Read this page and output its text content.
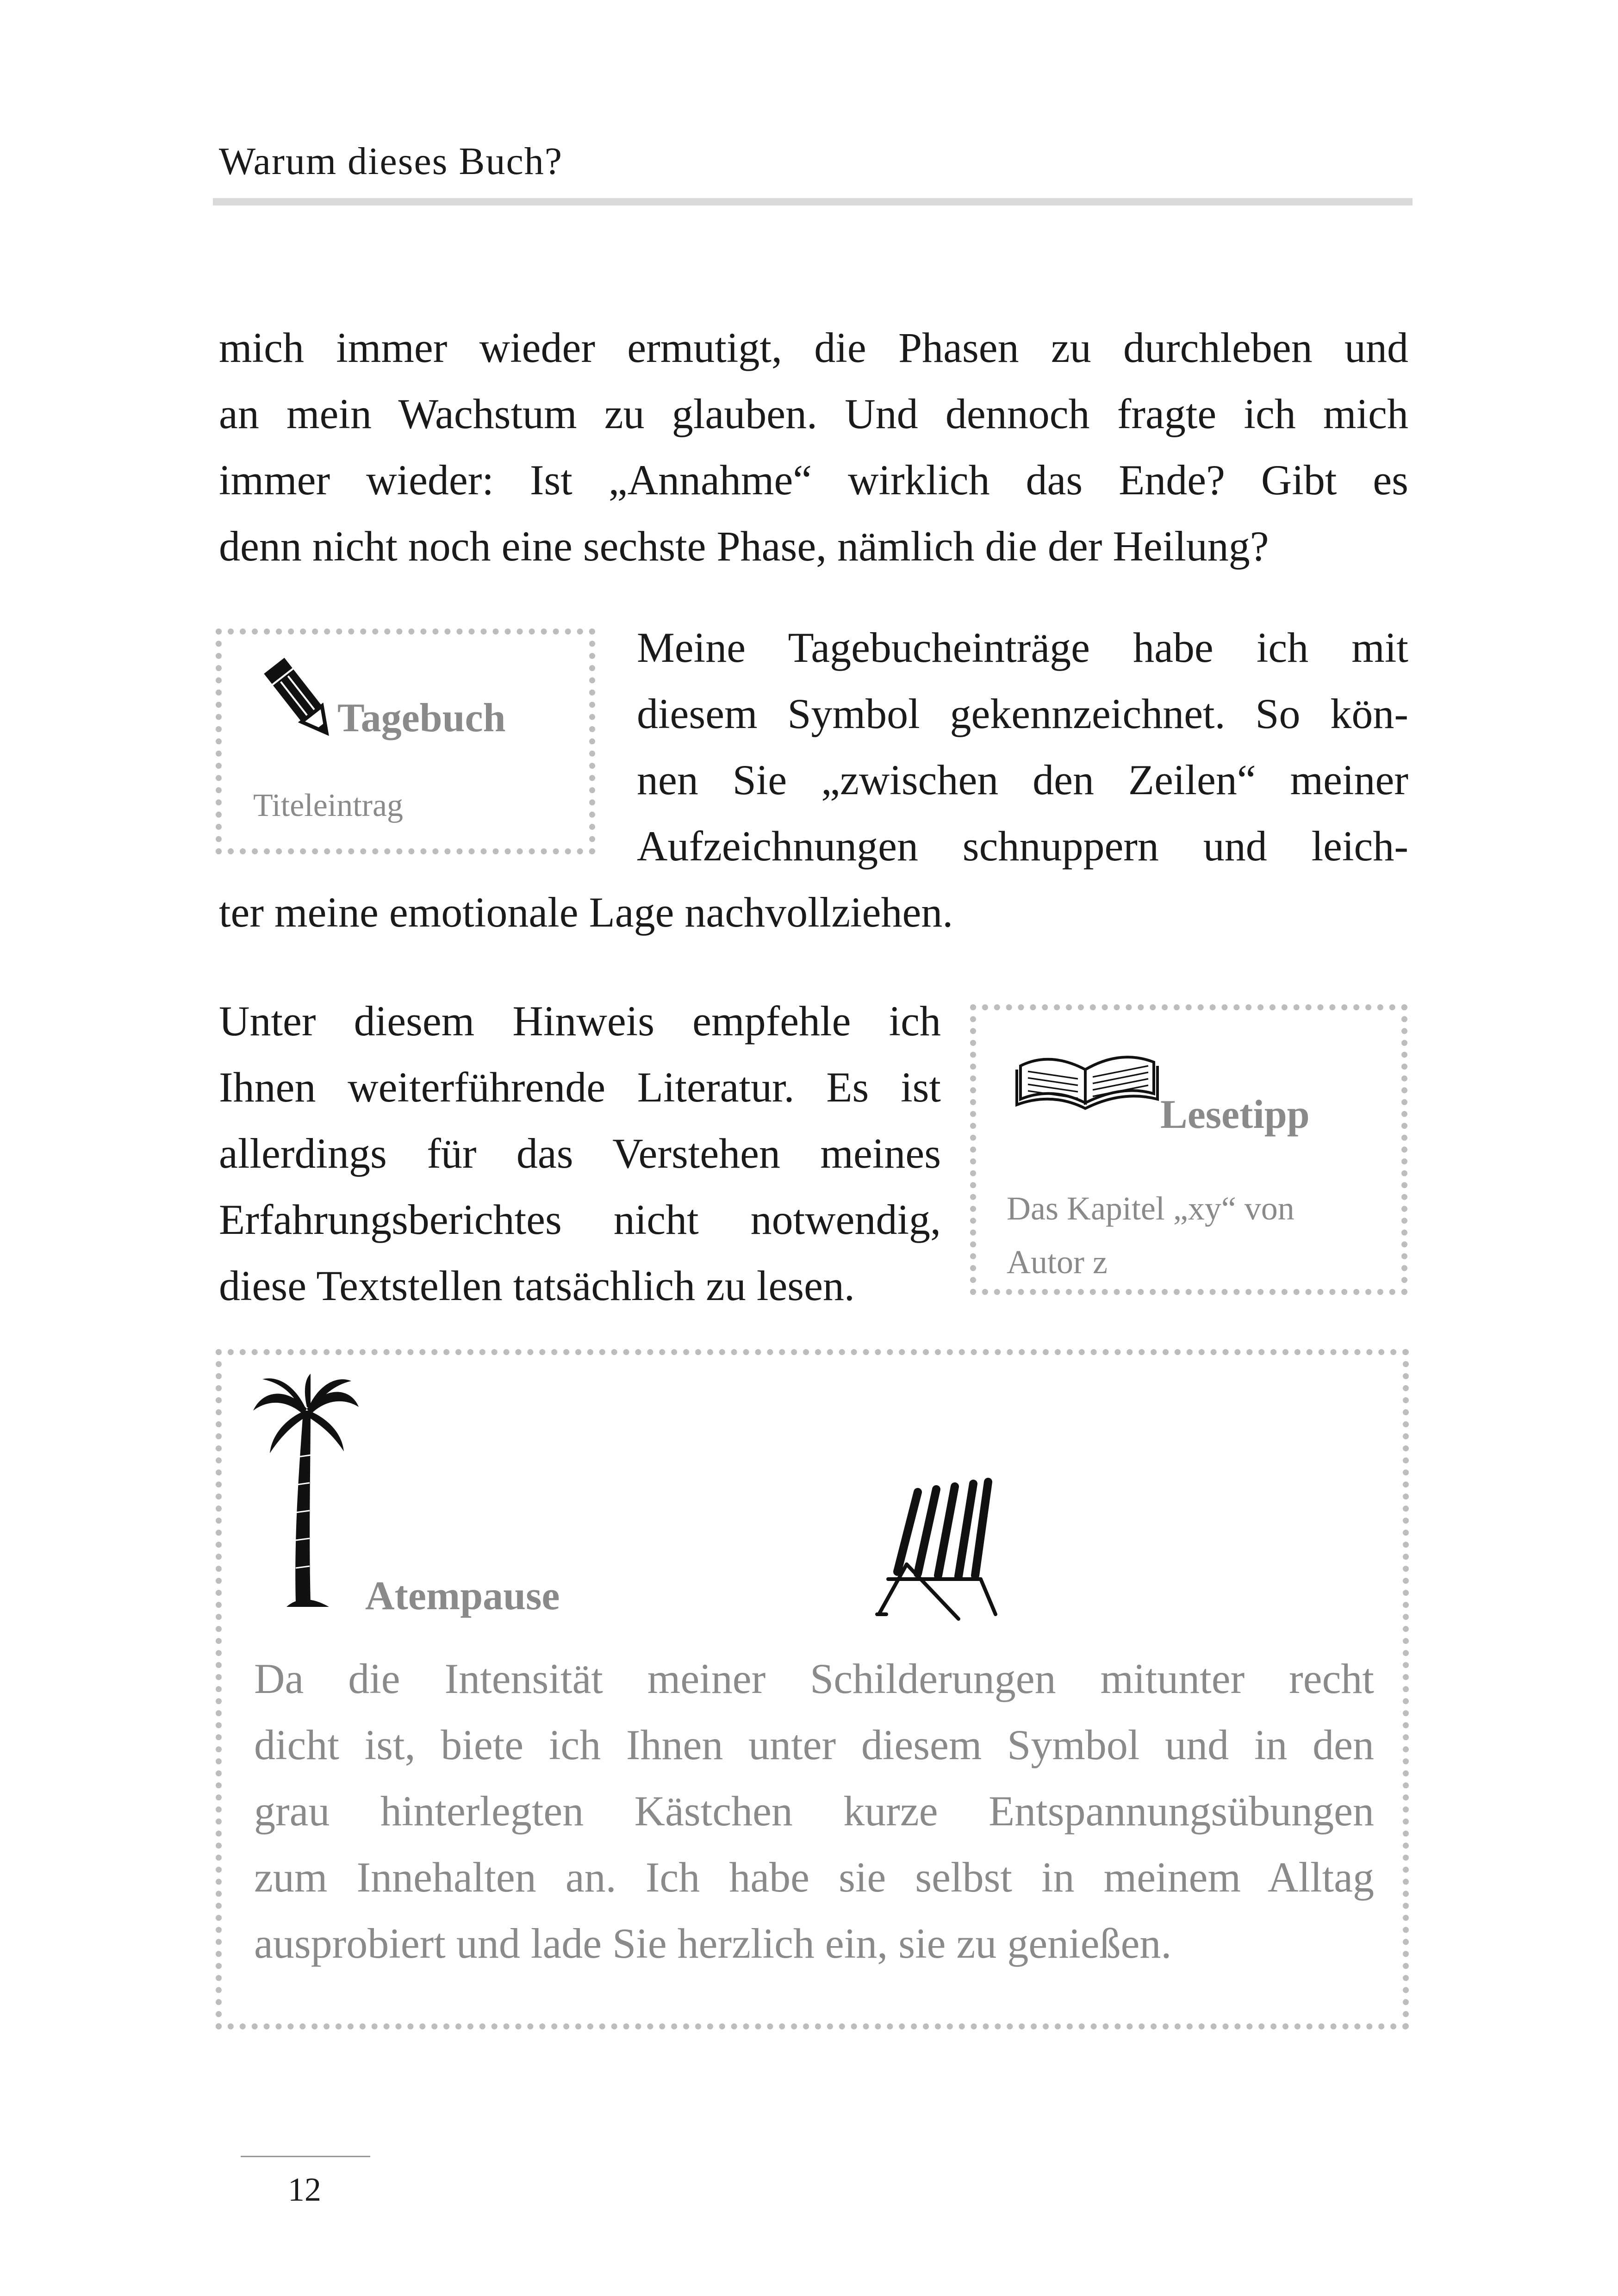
Warum dieses Buch?
mich immer wieder ermutigt, die Phasen zu durchleben und
an mein Wachstum zu glauben. Und dennoch fragte ich mich
immer wieder: Ist „Annahme“ wirklich das Ende? Gibt es
denn nicht noch eine sechste Phase, nämlich die der Heilung?
Tagebuch
Titeleintrag
Meine Tagebucheinträge habe ich mit
diesem Symbol gekennzeichnet. So kön-
nen Sie „zwischen den Zeilen“ meiner
Aufzeichnungen schnuppern und leich-
ter meine emotionale Lage nachvollziehen.
Unter diesem Hinweis empfehle ich
Ihnen weiterführende Literatur. Es ist
allerdings für das Verstehen meines
Erfahrungsberichtes nicht notwendig,
diese Textstellen tatsächlich zu lesen.
Lesetipp
Das Kapitel „xy“ von
Autor z
Atempause
Da die Intensität meiner Schilderungen mitunter recht
dicht ist, biete ich Ihnen unter diesem Symbol und in den
grau hinterlegten Kästchen kurze Entspannungsübungen
zum Innehalten an. Ich habe sie selbst in meinem Alltag
ausprobiert und lade Sie herzlich ein, sie zu genießen.
12
